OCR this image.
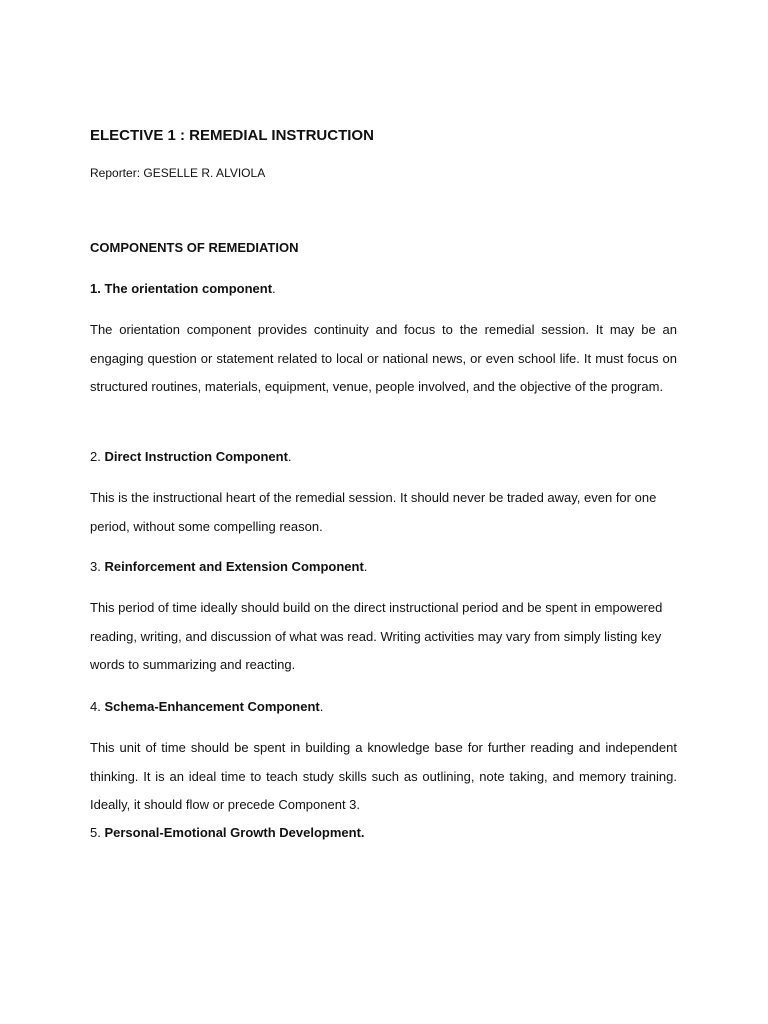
ELECTIVE 1 : REMEDIAL INSTRUCTION
Reporter: GESELLE R. ALVIOLA
COMPONENTS OF REMEDIATION
1. The orientation component.
The orientation component provides continuity and focus to the remedial session. It may be an engaging question or statement related to local or national news, or even school life. It must focus on structured routines, materials, equipment, venue, people involved, and the objective of the program.
2. Direct Instruction Component.
This is the instructional heart of the remedial session. It should never be traded away, even for one period, without some compelling reason.
3. Reinforcement and Extension Component.
This period of time ideally should build on the direct instructional period and be spent in empowered reading, writing, and discussion of what was read. Writing activities may vary from simply listing key words to summarizing and reacting.
4. Schema-Enhancement Component.
This unit of time should be spent in building a knowledge base for further reading and independent thinking. It is an ideal time to teach study skills such as outlining, note taking, and memory training. Ideally, it should flow or precede Component 3.
5. Personal-Emotional Growth Development.
